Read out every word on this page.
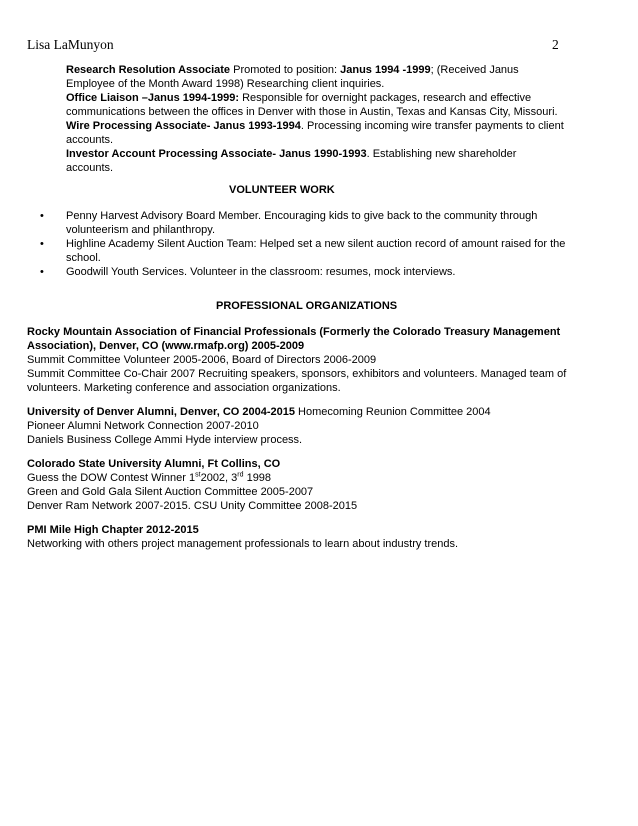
Lisa LaMunyon	2

Research Resolution Associate Promoted to position: Janus 1994 -1999; (Received Janus Employee of the Month Award 1998) Researching client inquiries.

Office Liaison –Janus 1994-1999: Responsible for overnight packages, research and effective communications between the offices in Denver with those in Austin, Texas and Kansas City, Missouri.

Wire Processing Associate- Janus 1993-1994. Processing incoming wire transfer payments to client accounts.

Investor Account Processing Associate- Janus 1990-1993. Establishing new shareholder accounts.

VOLUNTEER WORK
• Penny Harvest Advisory Board Member. Encouraging kids to give back to the community through volunteerism and philanthropy.
• Highline Academy Silent Auction Team: Helped set a new silent auction record of amount raised for the school.
• Goodwill Youth Services. Volunteer in the classroom: resumes, mock interviews.
PROFESSIONAL ORGANIZATIONS

Rocky Mountain Association of Financial Professionals (Formerly the Colorado Treasury Management Association), Denver, CO (www.rmafp.org) 2005-2009

Summit Committee Volunteer 2005-2006, Board of Directors 2006-2009

Summit Committee Co-Chair 2007 Recruiting speakers, sponsors, exhibitors and volunteers. Managed team of volunteers. Marketing conference and association organizations.

University of Denver Alumni, Denver, CO 2004-2015 Homecoming Reunion Committee 2004

Pioneer Alumni Network Connection 2007-2010

Daniels Business College Ammi Hyde interview process.

Colorado State University Alumni, Ft Collins, CO

Guess the DOW Contest Winner 1st2002, 3rd 1998

Green and Gold Gala Silent Auction Committee 2005-2007

Denver Ram Network 2007-2015. CSU Unity Committee 2008-2015

PMI Mile High Chapter 2012-2015

Networking with others project management professionals to learn about industry trends.
